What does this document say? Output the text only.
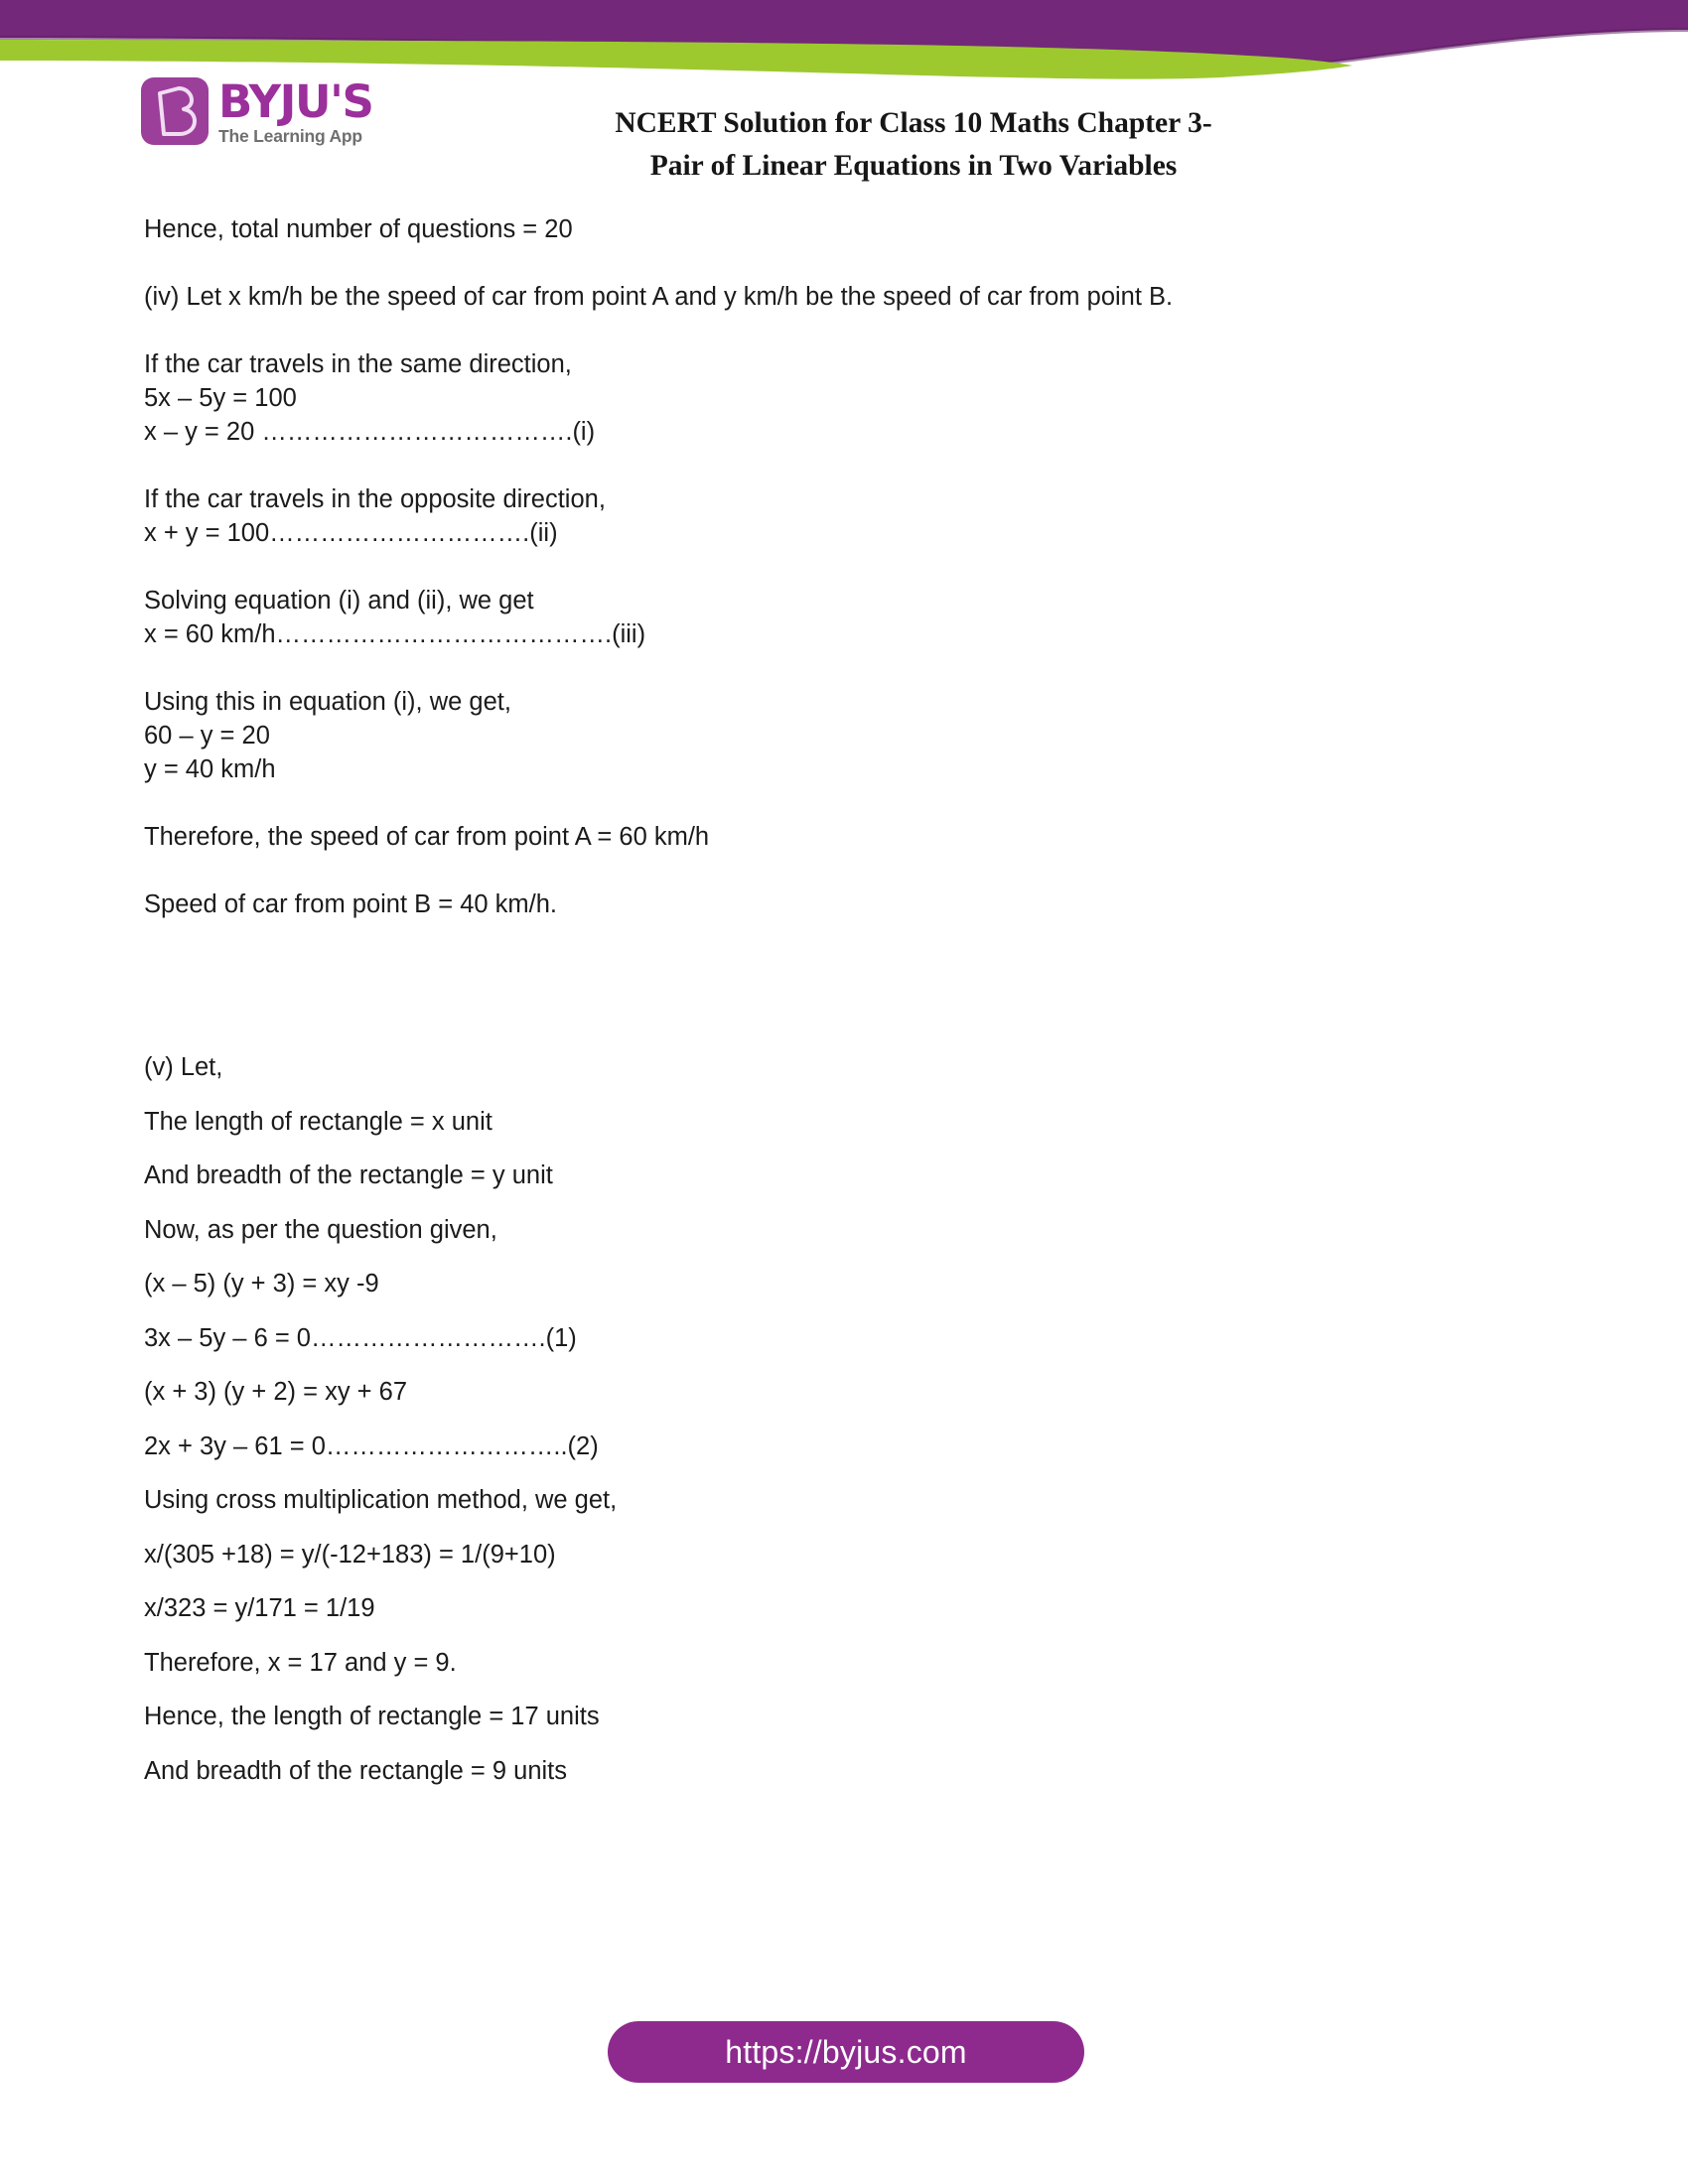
BYJU'S
The Learning App	NCERT Solution for Class 10 Maths Chapter 3-
Pair of Linear Equations in Two Variables
Hence, total number of questions = 20
(iv) Let x km/h be the speed of car from point A and y km/h be the speed of car from point B.
If the car travels in the same direction,
5x – 5y = 100
x – y = 20 ……………………………….(i)
If the car travels in the opposite direction,
x + y = 100………………………….(ii)
Solving equation (i) and (ii), we get
x = 60 km/h………………………………….(iii)
Using this in equation (i), we get,
60 – y = 20
y = 40 km/h
Therefore, the speed of car from point A = 60 km/h
Speed of car from point B = 40 km/h.
(v) Let,
The length of rectangle = x unit
And breadth of the rectangle = y unit
Now, as per the question given,
(x – 5) (y + 3) = xy -9
3x – 5y – 6 = 0……………………….(1)
(x + 3) (y + 2) = xy + 67
2x + 3y – 61 = 0………………………..(2)
Using cross multiplication method, we get,
x/(305 +18) = y/(-12+183) = 1/(9+10)
x/323 = y/171 = 1/19
Therefore, x = 17 and y = 9.
Hence, the length of rectangle = 17 units
And breadth of the rectangle = 9 units
https://byjus.com
